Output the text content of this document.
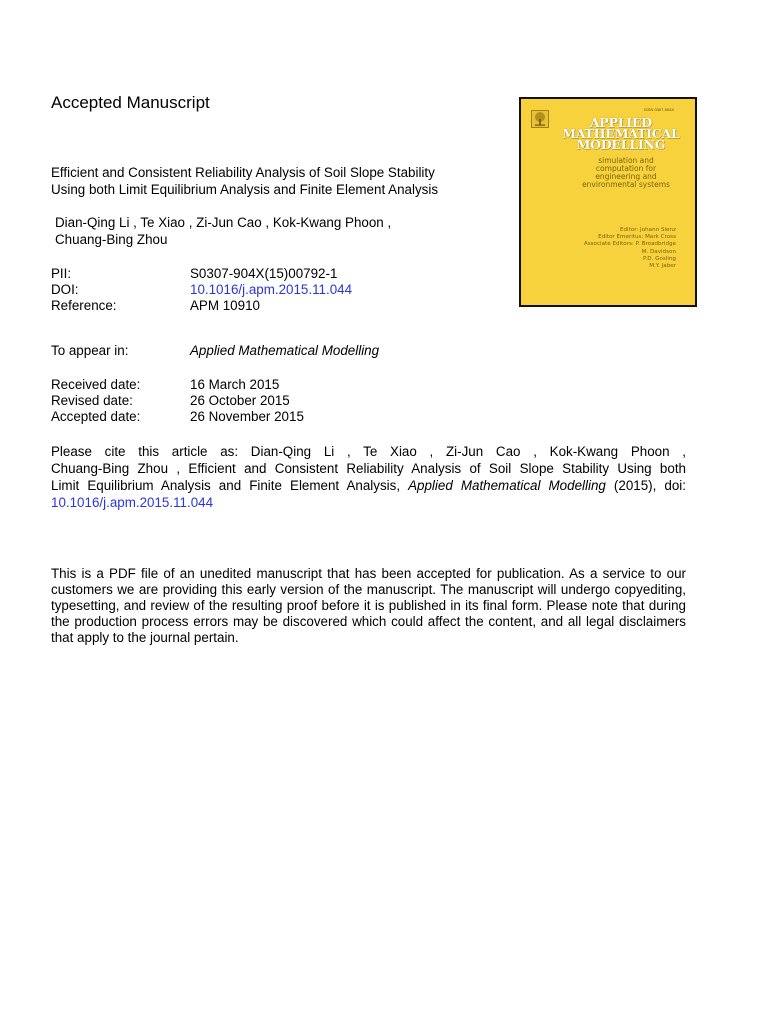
Accepted Manuscript
Efficient and Consistent Reliability Analysis of Soil Slope Stability
Using both Limit Equilibrium Analysis and Finite Element Analysis
Dian-Qing Li , Te Xiao , Zi-Jun Cao , Kok-Kwang Phoon ,
Chuang-Bing Zhou
PII:	S0307-904X(15)00792-1
DOI:	10.1016/j.apm.2015.11.044
Reference:	APM 10910
To appear in:	Applied Mathematical Modelling
Received date:	16 March 2015
Revised date:	26 October 2015
Accepted date:	26 November 2015
Please cite this article as: Dian-Qing Li , Te Xiao , Zi-Jun Cao , Kok-Kwang Phoon ,
Chuang-Bing Zhou , Efficient and Consistent Reliability Analysis of Soil Slope Stability Using both
Limit Equilibrium Analysis and Finite Element Analysis, Applied Mathematical Modelling (2015), doi:
10.1016/j.apm.2015.11.044
This is a PDF file of an unedited manuscript that has been accepted for publication. As a service to our customers we are providing this early version of the manuscript. The manuscript will undergo copyediting, typesetting, and review of the resulting proof before it is published in its final form. Please note that during the production process errors may be discovered which could affect the content, and all legal disclaimers that apply to the journal pertain.
ISSN 0307-904X
APPLIED
MATHEMATICAL
MODELLING
simulation and
computation for
engineering and
environmental systems
Editor: Johann Sienz
Editor Emeritus: Mark Cross
Associate Editors: P. Broadbridge
M. Davidson
P.D. Gosling
M.Y. Jaber
